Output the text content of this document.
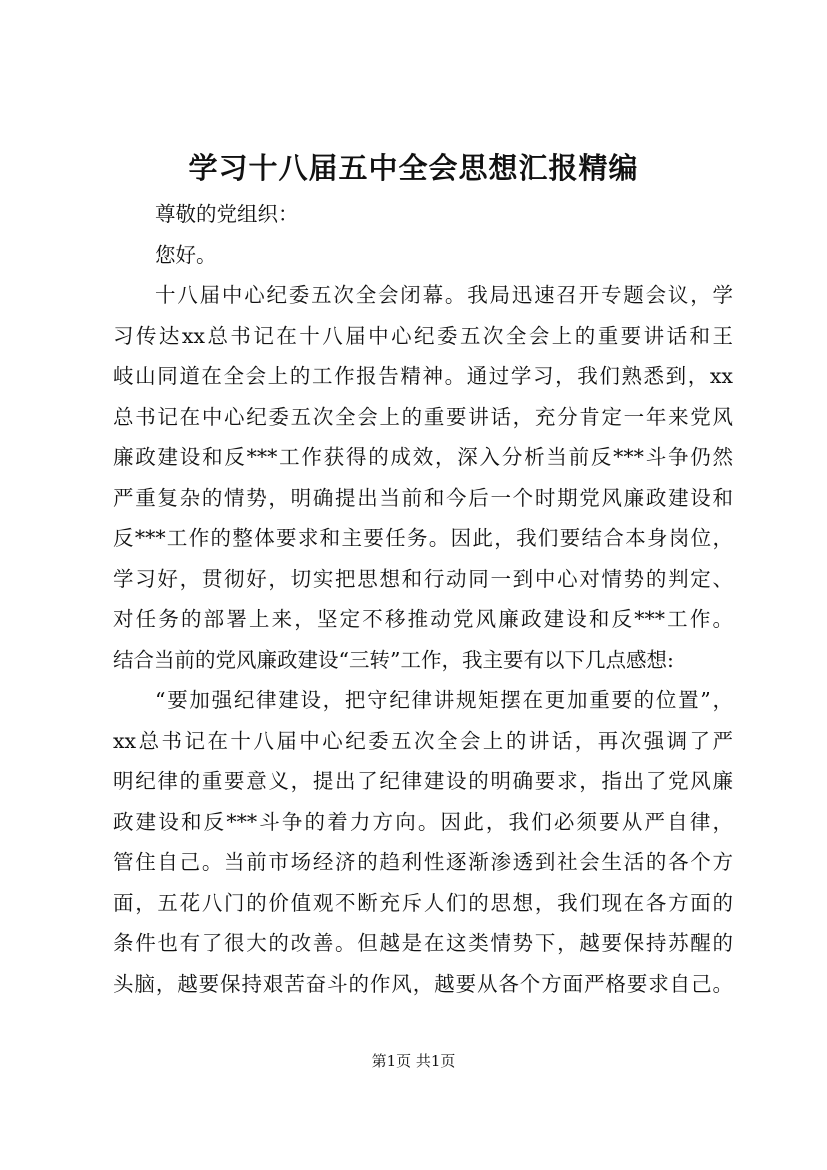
学习十八届五中全会思想汇报精编
尊敬的党组织：
您好。
十八届中心纪委五次全会闭幕。我局迅速召开专题会议，学
习传达xx总书记在十八届中心纪委五次全会上的重要讲话和王
岐山同道在全会上的工作报告精神。通过学习，我们熟悉到，xx
总书记在中心纪委五次全会上的重要讲话，充分肯定一年来党风
廉政建设和反***工作获得的成效，深入分析当前反***斗争仍然
严重复杂的情势，明确提出当前和今后一个时期党风廉政建设和
反***工作的整体要求和主要任务。因此，我们要结合本身岗位，
学习好，贯彻好，切实把思想和行动同一到中心对情势的判定、
对任务的部署上来，坚定不移推动党风廉政建设和反***工作。
结合当前的党风廉政建设“三转”工作，我主要有以下几点感想:
“要加强纪律建设，把守纪律讲规矩摆在更加重要的位置”，
xx总书记在十八届中心纪委五次全会上的讲话，再次强调了严
明纪律的重要意义，提出了纪律建设的明确要求，指出了党风廉
政建设和反***斗争的着力方向。因此，我们必须要从严自律，
管住自己。当前市场经济的趋利性逐渐渗透到社会生活的各个方
面，五花八门的价值观不断充斥人们的思想，我们现在各方面的
条件也有了很大的改善。但越是在这类情势下，越要保持苏醒的
头脑，越要保持艰苦奋斗的作风，越要从各个方面严格要求自己。
第1页 共1页
